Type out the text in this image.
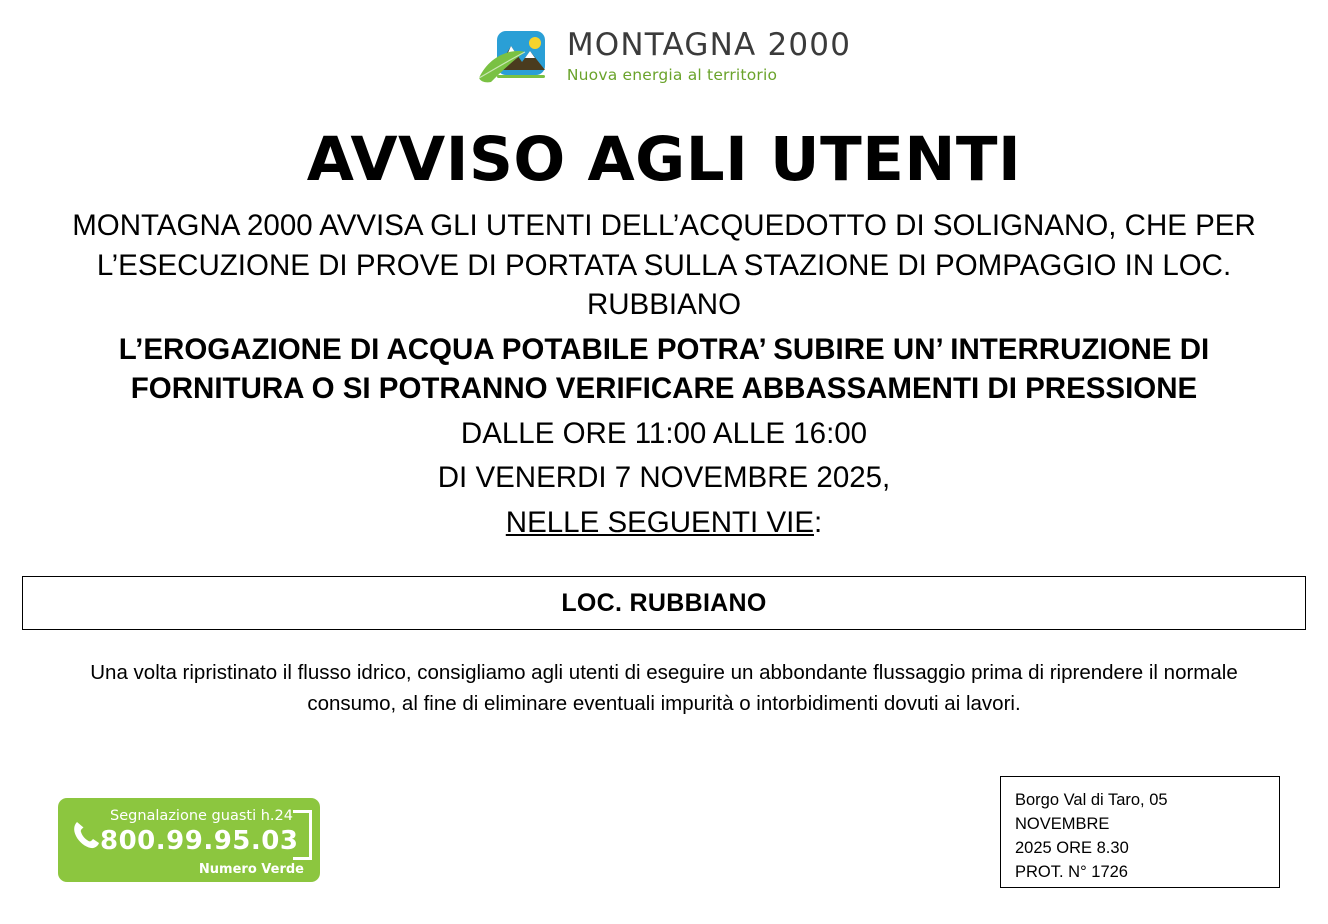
MONTAGNA 2000
Nuova energia al territorio
AVVISO AGLI UTENTI
MONTAGNA 2000 AVVISA GLI UTENTI DELL’ACQUEDOTTO DI SOLIGNANO, CHE PER L’ESECUZIONE DI PROVE DI PORTATA SULLA STAZIONE DI POMPAGGIO IN LOC. RUBBIANO
L’EROGAZIONE DI ACQUA POTABILE POTRA’ SUBIRE UN’ INTERRUZIONE DI FORNITURA O SI POTRANNO VERIFICARE ABBASSAMENTI DI PRESSIONE
DALLE ORE 11:00 ALLE 16:00
DI VENERDI 7 NOVEMBRE 2025,
NELLE SEGUENTI VIE:
LOC. RUBBIANO
Una volta ripristinato il flusso idrico, consigliamo agli utenti di eseguire un abbondante flussaggio prima di riprendere il normale consumo, al fine di eliminare eventuali impurità o intorbidimenti dovuti ai lavori.
Segnalazione guasti h.24
800.99.95.03
Numero Verde
Borgo Val di Taro, 05 NOVEMBRE
2025 ORE 8.30
PROT. N° 1726
